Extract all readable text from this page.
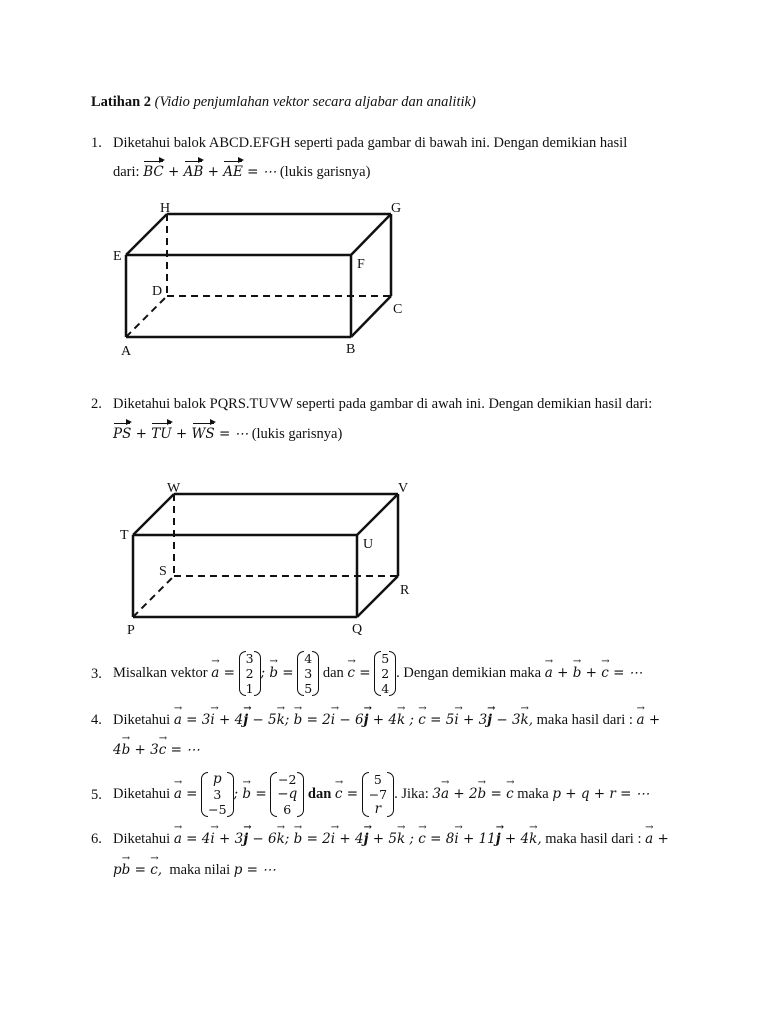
Latihan 2 (Vidio penjumlahan vektor secara aljabar dan analitik)
1. Diketahui balok ABCD.EFGH seperti pada gambar di bawah ini. Dengan demikian hasil
dari: BC + AB + AE = ⋯ (lukis garisnya)
H	G
E
F
D
C
A	B
W	V
T
U
S
R
P	Q
2. Diketahui balok PQRS.TUVW seperti pada gambar di awah ini. Dengan demikian hasil dari:
PS + TU + WS = ⋯ (lukis garisnya)
3. Misalkan vektor
→ a =

3
2
1
; → b =

4
3
5

dan
→ c =

5
2
4
. Dengan demikian maka
→ a + → b + → c = ⋯
4. Diketahui → a = 3→ i + 4→ j − 5→ k; → b = 2→ i − 6→ j + 4→ k ; → c = 5→ i + 3→ j − 3→ k, maka hasil dari : → a +
4→ b + 3→ c = ⋯
5. Diketahui
→ a =

p
3
−5
; → b =

−2
−q
6

dan
→ c =

5
−7
r
. Jika:
3→ a + 2→ b = → c
maka
p + q + r = ⋯
6. Diketahui → a = 4→ i + 3→ j − 6→ k; → b = 2→ i + 4→ j + 5→ k ; → c = 8→ i + 11→ j + 4→ k, maka hasil dari : → a +
p→ b = → c, maka nilai p = ⋯
